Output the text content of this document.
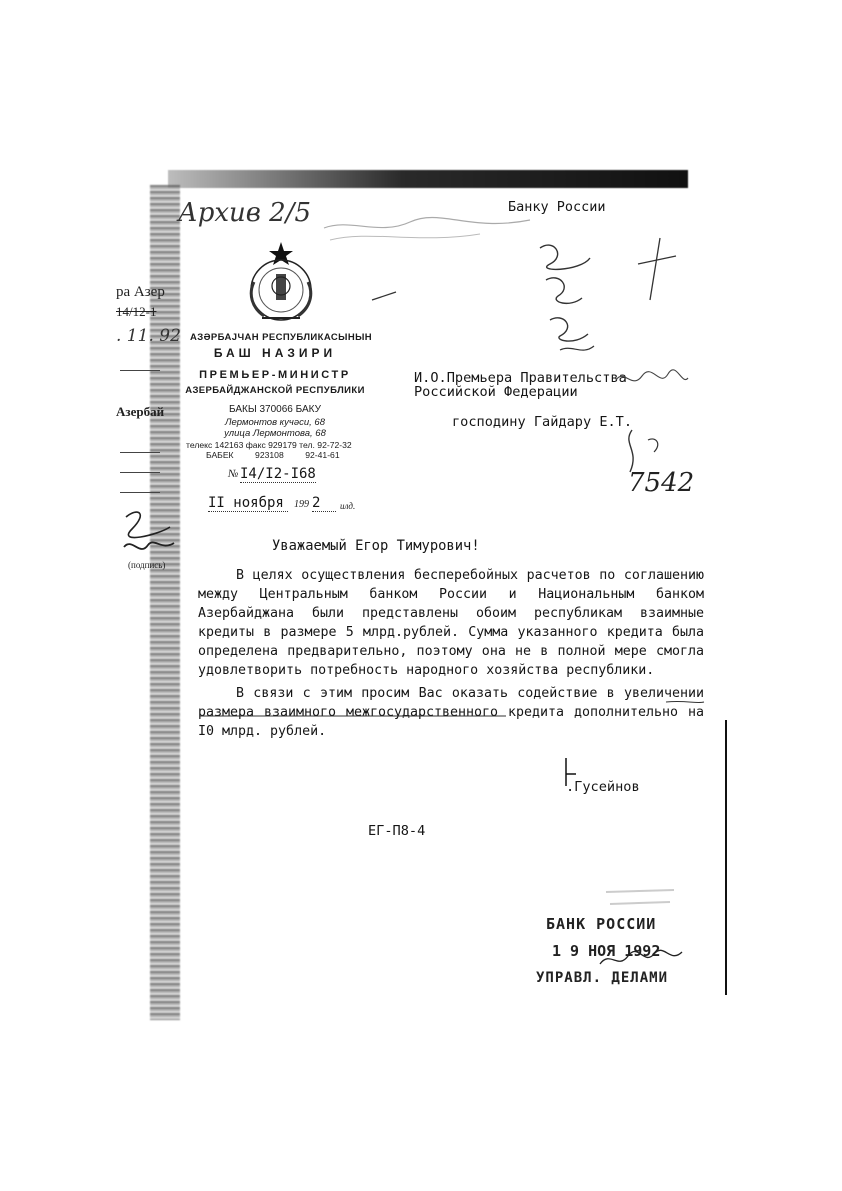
ра Азер
14/12-1
. 11. 92
Азербай
(подпись)
Архив 2/5	Банку России
АЗӘРБАЈЧАН РЕСПУБЛИКАСЫНЫН
БАШ НАЗИРИ
ПРЕМЬЕР-МИНИСТР
АЗЕРБАЙДЖАНСКОЙ РЕСПУБЛИКИ
БАКЫ 370066 БАКУ
Лермонтов кучәси, 68
улица Лермонтова, 68
телекс 142163 факс 929179 тел. 92-72-32
БАБЕК         923108         92-41-61
№ I4/I2-I68
II ноября	199 2	илд.
И.О.Премьера Правительства
Российской Федерации
господину Гайдару Е.Т.
7542
Уважаемый Егор Тимурович!
В целях осуществления бесперебойных расчетов по соглашению между Центральным банком России и Национальным банком Азербайджана были представлены обоим республикам взаимные кредиты в размере 5 млрд.рублей. Сумма указанного кредита была определена предварительно, поэтому она не в полной мере смогла удовлетворить потребность народного хозяйства республики.
В связи с этим просим Вас оказать содействие в увеличении размера взаимного межгосударственного кредита дополнительно на I0 млрд. рублей.
.Гусейнов
ЕГ-П8-4
БАНК РОССИИ
1 9 НОЯ 1992
УПРАВЛ. ДЕЛАМИ
